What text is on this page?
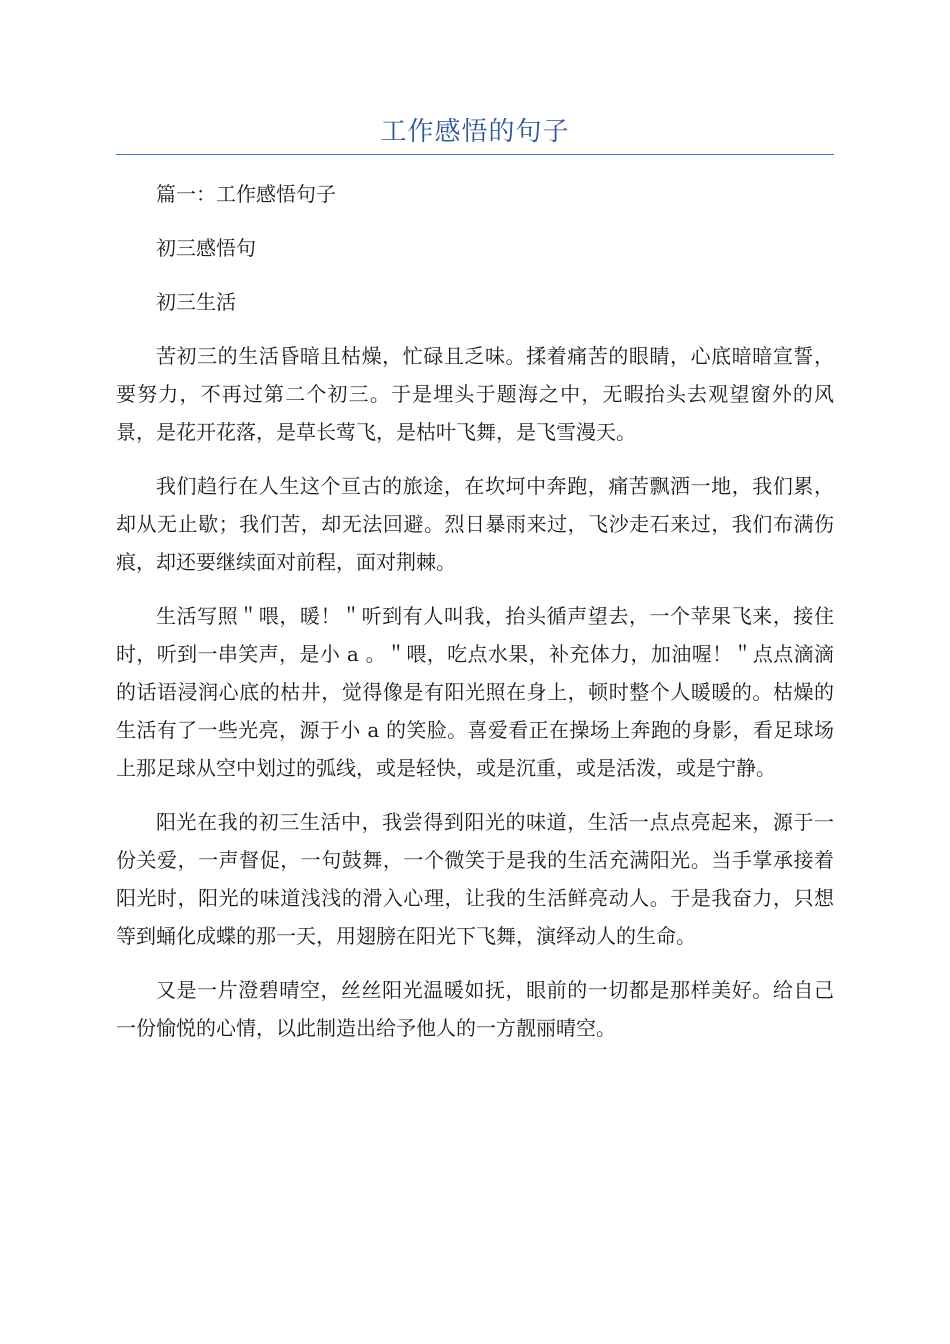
工作感悟的句子

篇一：工作感悟句子

初三感悟句

初三生活

苦初三的生活昏暗且枯燥，忙碌且乏味。揉着痛苦的眼睛，心底暗暗宣誓，要努力，不再过第二个初三。于是埋头于题海之中，无暇抬头去观望窗外的风景，是花开花落，是草长莺飞，是枯叶飞舞，是飞雪漫天。

我们趋行在人生这个亘古的旅途，在坎坷中奔跑，痛苦飘洒一地，我们累，却从无止歇；我们苦，却无法回避。烈日暴雨来过，飞沙走石来过，我们布满伤痕，却还要继续面对前程，面对荆棘。

生活写照＂喂，暖！＂听到有人叫我，抬头循声望去，一个苹果飞来，接住时，听到一串笑声，是小 a 。＂喂，吃点水果，补充体力，加油喔！＂点点滴滴的话语浸润心底的枯井，觉得像是有阳光照在身上，顿时整个人暖暖的。枯燥的生活有了一些光亮，源于小 a 的笑脸。喜爱看正在操场上奔跑的身影，看足球场上那足球从空中划过的弧线，或是轻快，或是沉重，或是活泼，或是宁静。

阳光在我的初三生活中，我尝得到阳光的味道，生活一点点亮起来，源于一份关爱，一声督促，一句鼓舞，一个微笑于是我的生活充满阳光。当手掌承接着阳光时，阳光的味道浅浅的滑入心理，让我的生活鲜亮动人。于是我奋力，只想等到蛹化成蝶的那一天，用翅膀在阳光下飞舞，演绎动人的生命。

又是一片澄碧晴空，丝丝阳光温暖如抚，眼前的一切都是那样美好。给自己一份愉悦的心情，以此制造出给予他人的一方靓丽晴空。
